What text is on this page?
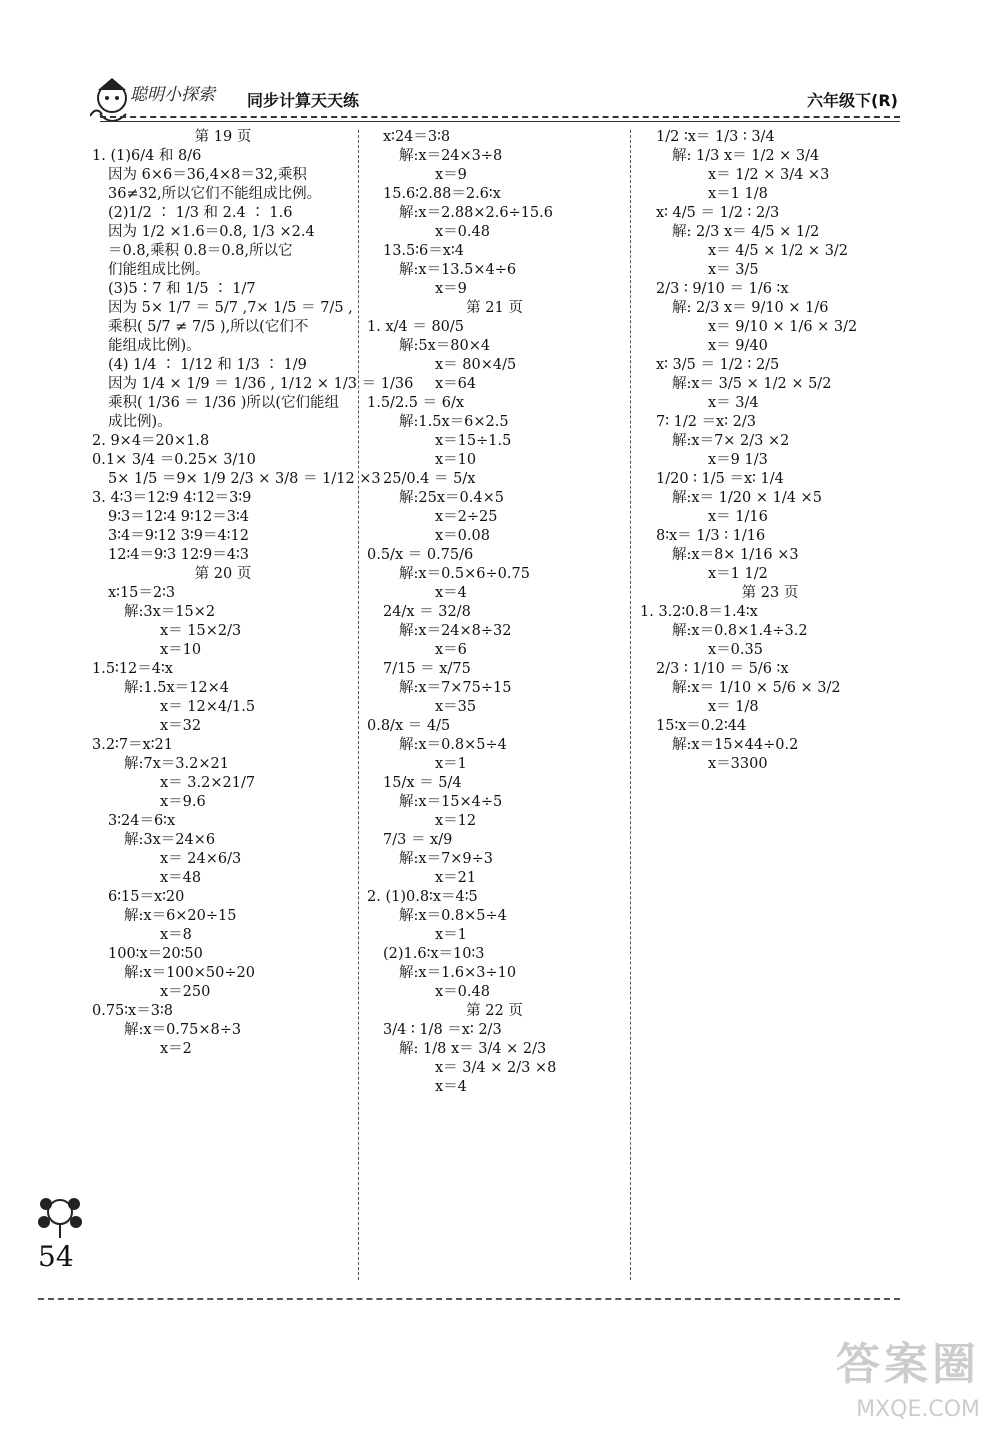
聪明小探索 同步计算天天练	六年级下(R)
第 19 页
1. (1)6/4 和 8/6
因为 6×6＝36,4×8＝32,乘积
36≠32,所以它们不能组成比例。
(2)1/2 ∶ 1/3 和 2.4 ∶ 1.6
因为 1/2 ×1.6＝0.8, 1/3 ×2.4
＝0.8,乘积 0.8＝0.8,所以它
们能组成比例。
(3)5∶7 和 1/5 ∶ 1/7
因为 5× 1/7 ＝ 5/7 ,7× 1/5 ＝ 7/5 ,
乘积( 5/7 ≠ 7/5 ),所以(它们不
能组成比例)。
(4) 1/4 ∶ 1/12 和 1/3 ∶ 1/9
因为 1/4 × 1/9 ＝ 1/36 , 1/12 × 1/3 ＝ 1/36
乘积( 1/36 ＝ 1/36 )所以(它们能组
成比例)。
2. 9×4＝20×1.8
0.1× 3/4 ＝0.25× 3/10
5× 1/5 ＝9× 1/9 2/3 × 3/8 ＝ 1/12 ×3
3. 4∶3＝12∶9 4∶12＝3∶9
9∶3＝12∶4 9∶12＝3∶4
3∶4＝9∶12 3∶9＝4∶12
12∶4＝9∶3 12∶9＝4∶3
第 20 页
x∶15＝2∶3
解:3x＝15×2
x＝ 15×2/3
x＝10
1.5∶12＝4∶x
解:1.5x＝12×4
x＝ 12×4/1.5
x＝32
3.2∶7＝x∶21
解:7x＝3.2×21
x＝ 3.2×21/7
x＝9.6
3∶24＝6∶x
解:3x＝24×6
x＝ 24×6/3
x＝48
6∶15＝x∶20
解:x＝6×20÷15
x＝8
100∶x＝20∶50
解:x＝100×50÷20
x＝250
0.75∶x＝3∶8
解:x＝0.75×8÷3
x＝2
x∶24＝3∶8
解:x＝24×3÷8
x＝9
15.6∶2.88＝2.6∶x
解:x＝2.88×2.6÷15.6
x＝0.48
13.5∶6＝x∶4
解:x＝13.5×4÷6
x＝9
第 21 页
1. x/4 ＝ 80/5
解:5x＝80×4
x＝ 80×4/5
x＝64
1.5/2.5 ＝ 6/x
解:1.5x＝6×2.5
x＝15÷1.5
x＝10
25/0.4 ＝ 5/x
解:25x＝0.4×5
x＝2÷25
x＝0.08
0.5/x ＝ 0.75/6
解:x＝0.5×6÷0.75
x＝4
24/x ＝ 32/8
解:x＝24×8÷32
x＝6
7/15 ＝ x/75
解:x＝7×75÷15
x＝35
0.8/x ＝ 4/5
解:x＝0.8×5÷4
x＝1
15/x ＝ 5/4
解:x＝15×4÷5
x＝12
7/3 ＝ x/9
解:x＝7×9÷3
x＝21
2. (1)0.8∶x＝4∶5
解:x＝0.8×5÷4
x＝1
(2)1.6∶x＝10∶3
解:x＝1.6×3÷10
x＝0.48
第 22 页
3/4 ∶ 1/8 ＝x∶ 2/3
解: 1/8 x＝ 3/4 × 2/3
x＝ 3/4 × 2/3 ×8
x＝4
1/2 ∶x＝ 1/3 ∶ 3/4
解: 1/3 x＝ 1/2 × 3/4
x＝ 1/2 × 3/4 ×3
x＝1 1/8
x∶ 4/5 ＝ 1/2 ∶ 2/3
解: 2/3 x＝ 4/5 × 1/2
x＝ 4/5 × 1/2 × 3/2
x＝ 3/5
2/3 ∶ 9/10 ＝ 1/6 ∶x
解: 2/3 x＝ 9/10 × 1/6
x＝ 9/10 × 1/6 × 3/2
x＝ 9/40
x∶ 3/5 ＝ 1/2 ∶ 2/5
解:x＝ 3/5 × 1/2 × 5/2
x＝ 3/4
7∶ 1/2 ＝x∶ 2/3
解:x＝7× 2/3 ×2
x＝9 1/3
1/20 ∶ 1/5 ＝x∶ 1/4
解:x＝ 1/20 × 1/4 ×5
x＝ 1/16
8∶x＝ 1/3 ∶ 1/16
解:x＝8× 1/16 ×3
x＝1 1/2
第 23 页
1. 3.2∶0.8＝1.4∶x
解:x＝0.8×1.4÷3.2
x＝0.35
2/3 ∶ 1/10 ＝ 5/6 ∶x
解:x＝ 1/10 × 5/6 × 3/2
x＝ 1/8
15∶x＝0.2∶44
解:x＝15×44÷0.2
x＝3300
54
答案圈
MXQE.COM
